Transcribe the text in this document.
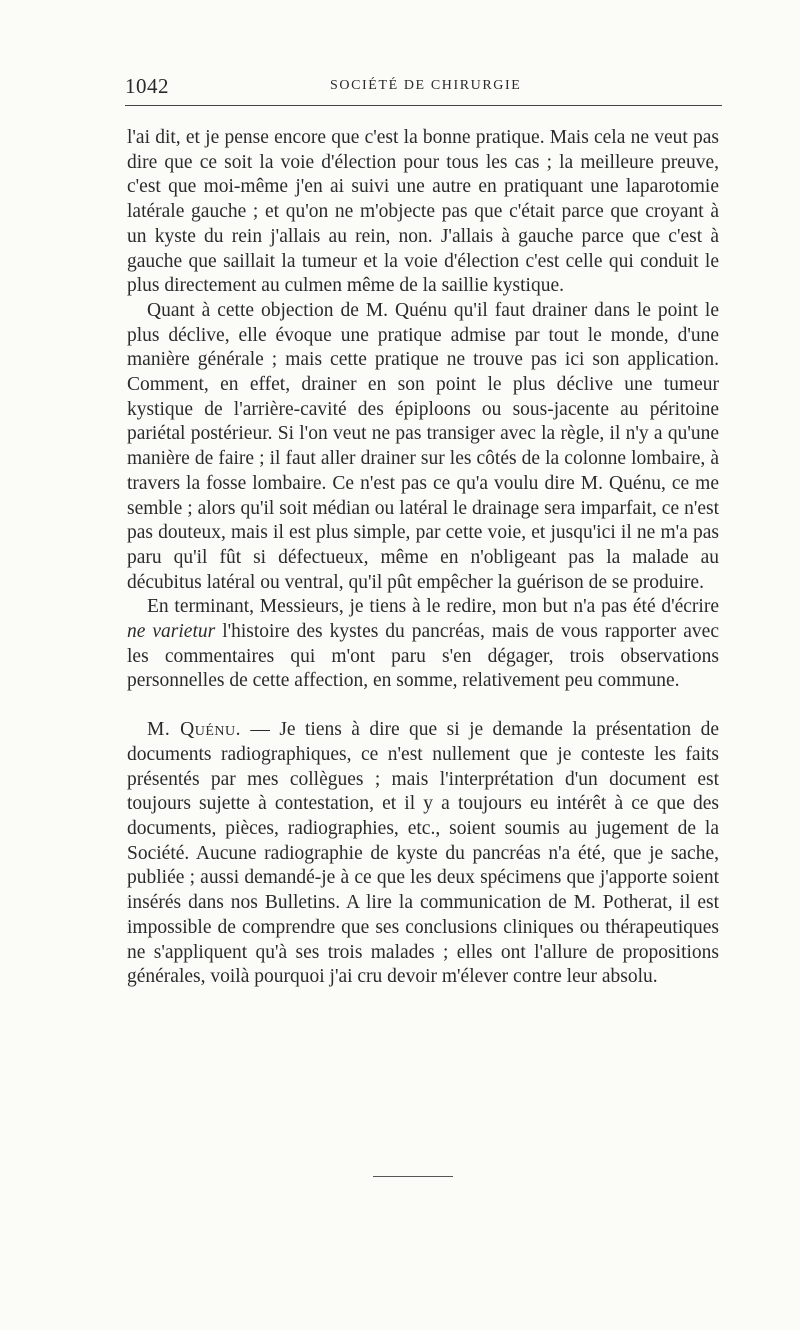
1042	SOCIÉTÉ DE CHIRURGIE

l'ai dit, et je pense encore que c'est la bonne pratique. Mais cela ne veut pas dire que ce soit la voie d'élection pour tous les cas ; la meilleure preuve, c'est que moi-même j'en ai suivi une autre en pratiquant une laparotomie latérale gauche ; et qu'on ne m'objecte pas que c'était parce que croyant à un kyste du rein j'allais au rein, non. J'allais à gauche parce que c'est à gauche que saillait la tumeur et la voie d'élection c'est celle qui conduit le plus directement au culmen même de la saillie kystique.

Quant à cette objection de M. Quénu qu'il faut drainer dans le point le plus déclive, elle évoque une pratique admise par tout le monde, d'une manière générale ; mais cette pratique ne trouve pas ici son application. Comment, en effet, drainer en son point le plus déclive une tumeur kystique de l'arrière-cavité des épiploons ou sous-jacente au péritoine pariétal postérieur. Si l'on veut ne pas transiger avec la règle, il n'y a qu'une manière de faire ; il faut aller drainer sur les côtés de la colonne lombaire, à travers la fosse lombaire. Ce n'est pas ce qu'a voulu dire M. Quénu, ce me semble ; alors qu'il soit médian ou latéral le drainage sera imparfait, ce n'est pas douteux, mais il est plus simple, par cette voie, et jusqu'ici il ne m'a pas paru qu'il fût si défectueux, même en n'obligeant pas la malade au décubitus latéral ou ventral, qu'il pût empêcher la guérison de se produire.

En terminant, Messieurs, je tiens à le redire, mon but n'a pas été d'écrire ne varietur l'histoire des kystes du pancréas, mais de vous rapporter avec les commentaires qui m'ont paru s'en dégager, trois observations personnelles de cette affection, en somme, relativement peu commune.

M. Quénu. — Je tiens à dire que si je demande la présentation de documents radiographiques, ce n'est nullement que je conteste les faits présentés par mes collègues ; mais l'interprétation d'un document est toujours sujette à contestation, et il y a toujours eu intérêt à ce que des documents, pièces, radiographies, etc., soient soumis au jugement de la Société. Aucune radiographie de kyste du pancréas n'a été, que je sache, publiée ; aussi demandé-je à ce que les deux spécimens que j'apporte soient insérés dans nos Bulletins. A lire la communication de M. Potherat, il est impossible de comprendre que ses conclusions cliniques ou thérapeutiques ne s'appliquent qu'à ses trois malades ; elles ont l'allure de propositions générales, voilà pourquoi j'ai cru devoir m'élever contre leur absolu.
